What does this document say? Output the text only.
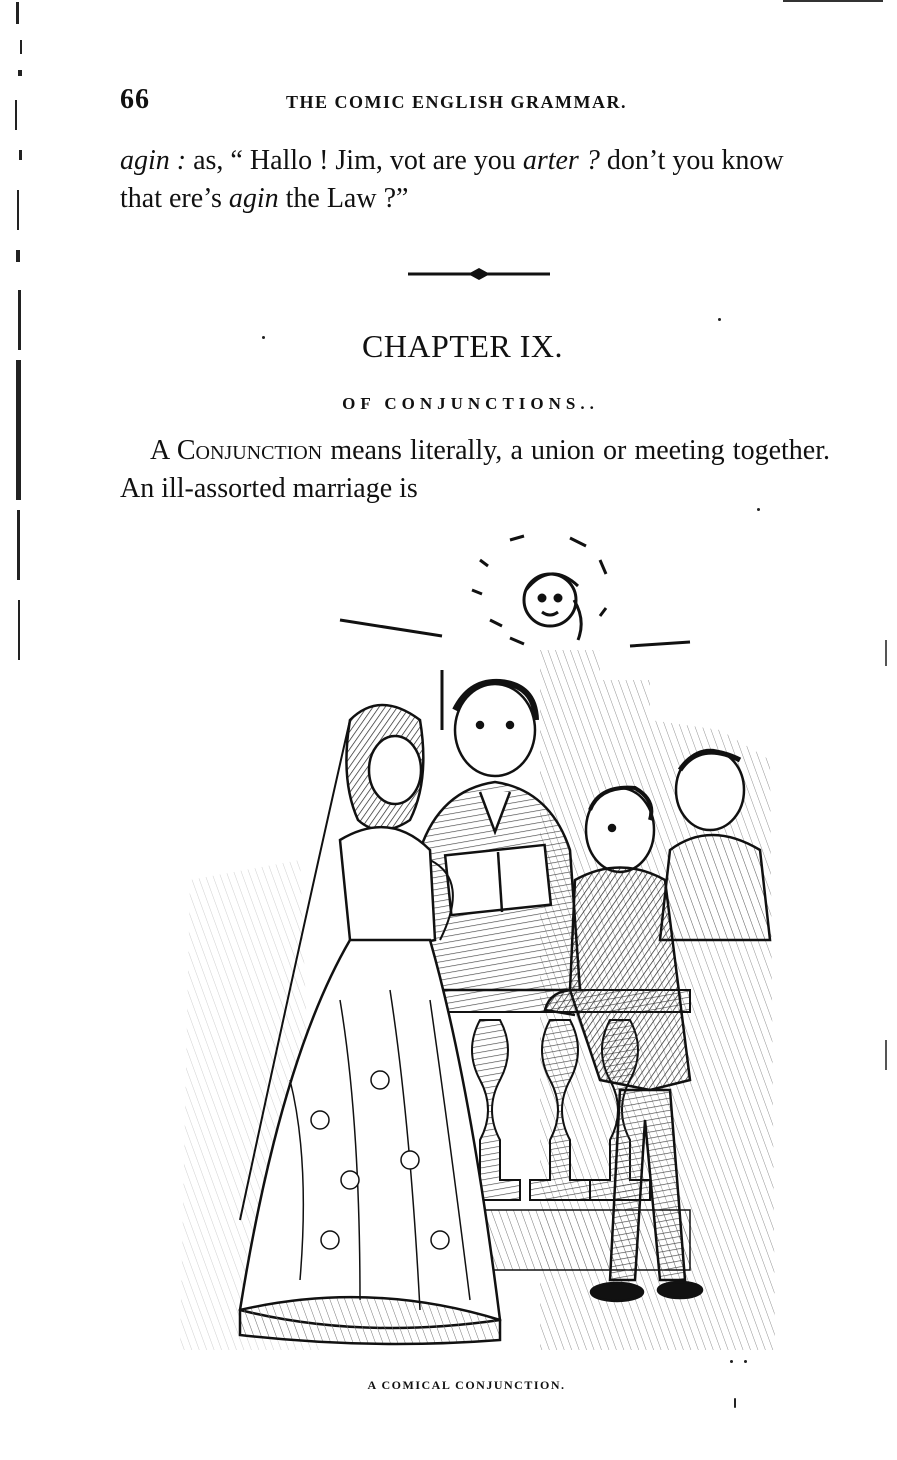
66	THE COMIC ENGLISH GRAMMAR.
agin : as, “ Hallo ! Jim, vot are you arter ? don’t you know that ere’s agin the Law ?”
CHAPTER IX.
OF CONJUNCTIONS..
A Conjunction means literally, a union or meeting together. An ill-assorted marriage is
A COMICAL CONJUNCTION.
